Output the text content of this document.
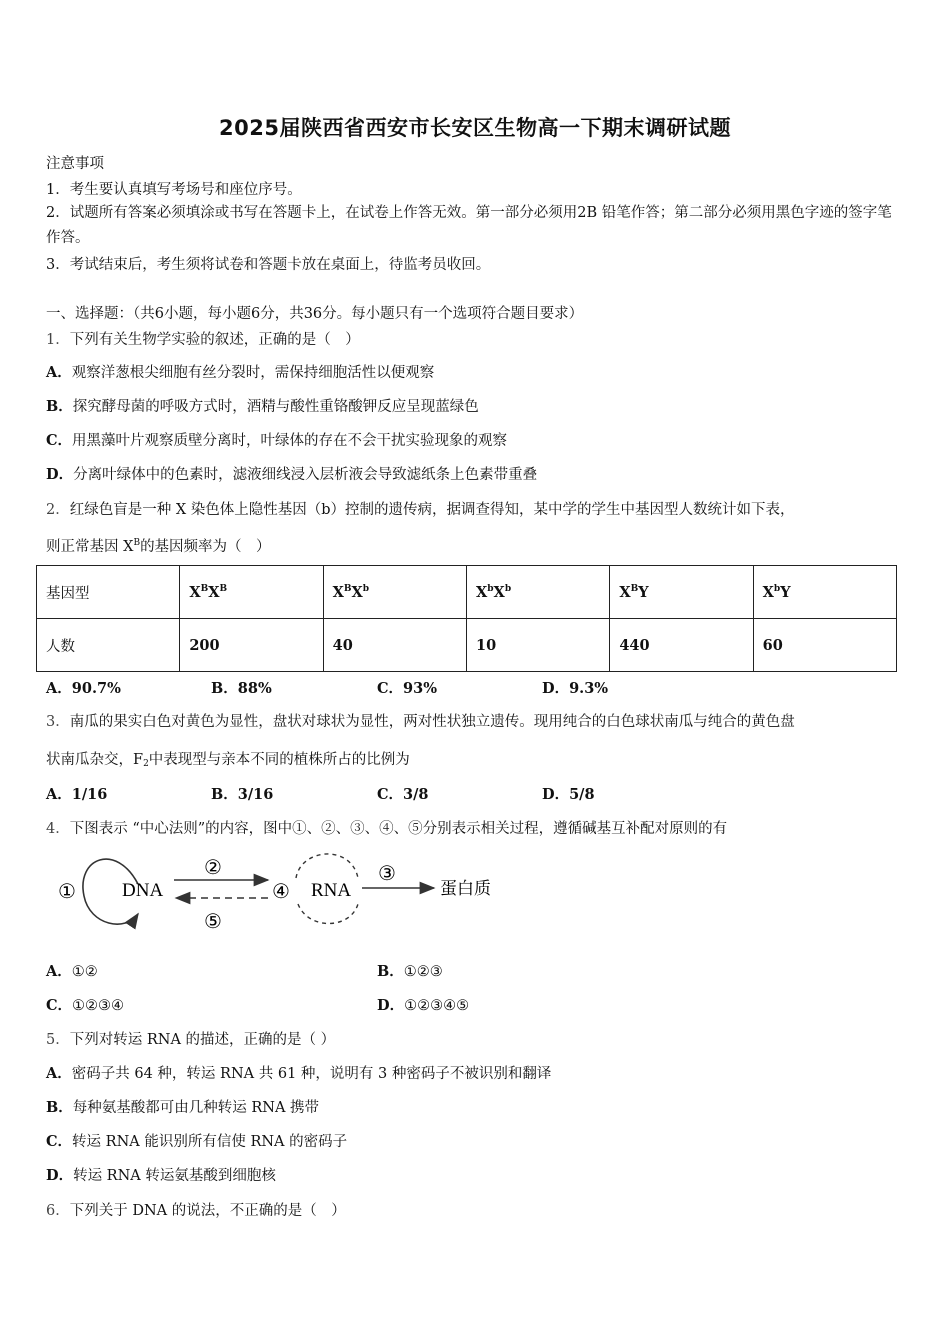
2025届陕西省西安市长安区生物高一下期末调研试题
注意事项
1．考生要认真填写考场号和座位序号。
2．试题所有答案必须填涂或书写在答题卡上，在试卷上作答无效。第一部分必须用2B 铅笔作答；第二部分必须用黑色字迹的签字笔作答。
3．考试结束后，考生须将试卷和答题卡放在桌面上，待监考员收回。
一、选择题：（共6小题，每小题6分，共36分。每小题只有一个选项符合题目要求）
1．下列有关生物学实验的叙述，正确的是（　）
A．观察洋葱根尖细胞有丝分裂时，需保持细胞活性以便观察
B．探究酵母菌的呼吸方式时，酒精与酸性重铬酸钾反应呈现蓝绿色
C．用黑藻叶片观察质壁分离时，叶绿体的存在不会干扰实验现象的观察
D．分离叶绿体中的色素时，滤液细线浸入层析液会导致滤纸条上色素带重叠
2．红绿色盲是一种 X 染色体上隐性基因（b）控制的遗传病，据调查得知，某中学的学生中基因型人数统计如下表，
则正常基因 $X^B$的基因频率为（　）
基因型	$X^BX^B$	$X^BX^b$	$X^bX^b$	$X^BY$	$X^bY$
人数	200	40	10	440	60
A．90.7%	B．88%	C．93%	D．9.3%
3．南瓜的果实白色对黄色为显性，盘状对球状为显性，两对性状独立遗传。现用纯合的白色球状南瓜与纯合的黄色盘
状南瓜杂交，$F_2$中表现型与亲本不同的植株所占的比例为
A．1/16	B．3/16	C．3/8	D．5/8
4．下图表示 “中心法则”的内容，图中①、②、③、④、⑤分别表示相关过程，遵循碱基互补配对原则的有
① DNA
②
⑤
④ RNA
③
蛋白质
A．①②	B．①②③
C．①②③④	D．①②③④⑤
5．下列对转运 RNA 的描述，正确的是（ ）
A．密码子共 64 种，转运 RNA 共 61 种，说明有 3 种密码子不被识别和翻译
B．每种氨基酸都可由几种转运 RNA 携带
C．转运 RNA 能识别所有信使 RNA 的密码子
D．转运 RNA 转运氨基酸到细胞核
6．下列关于 DNA 的说法，不正确的是（　）
